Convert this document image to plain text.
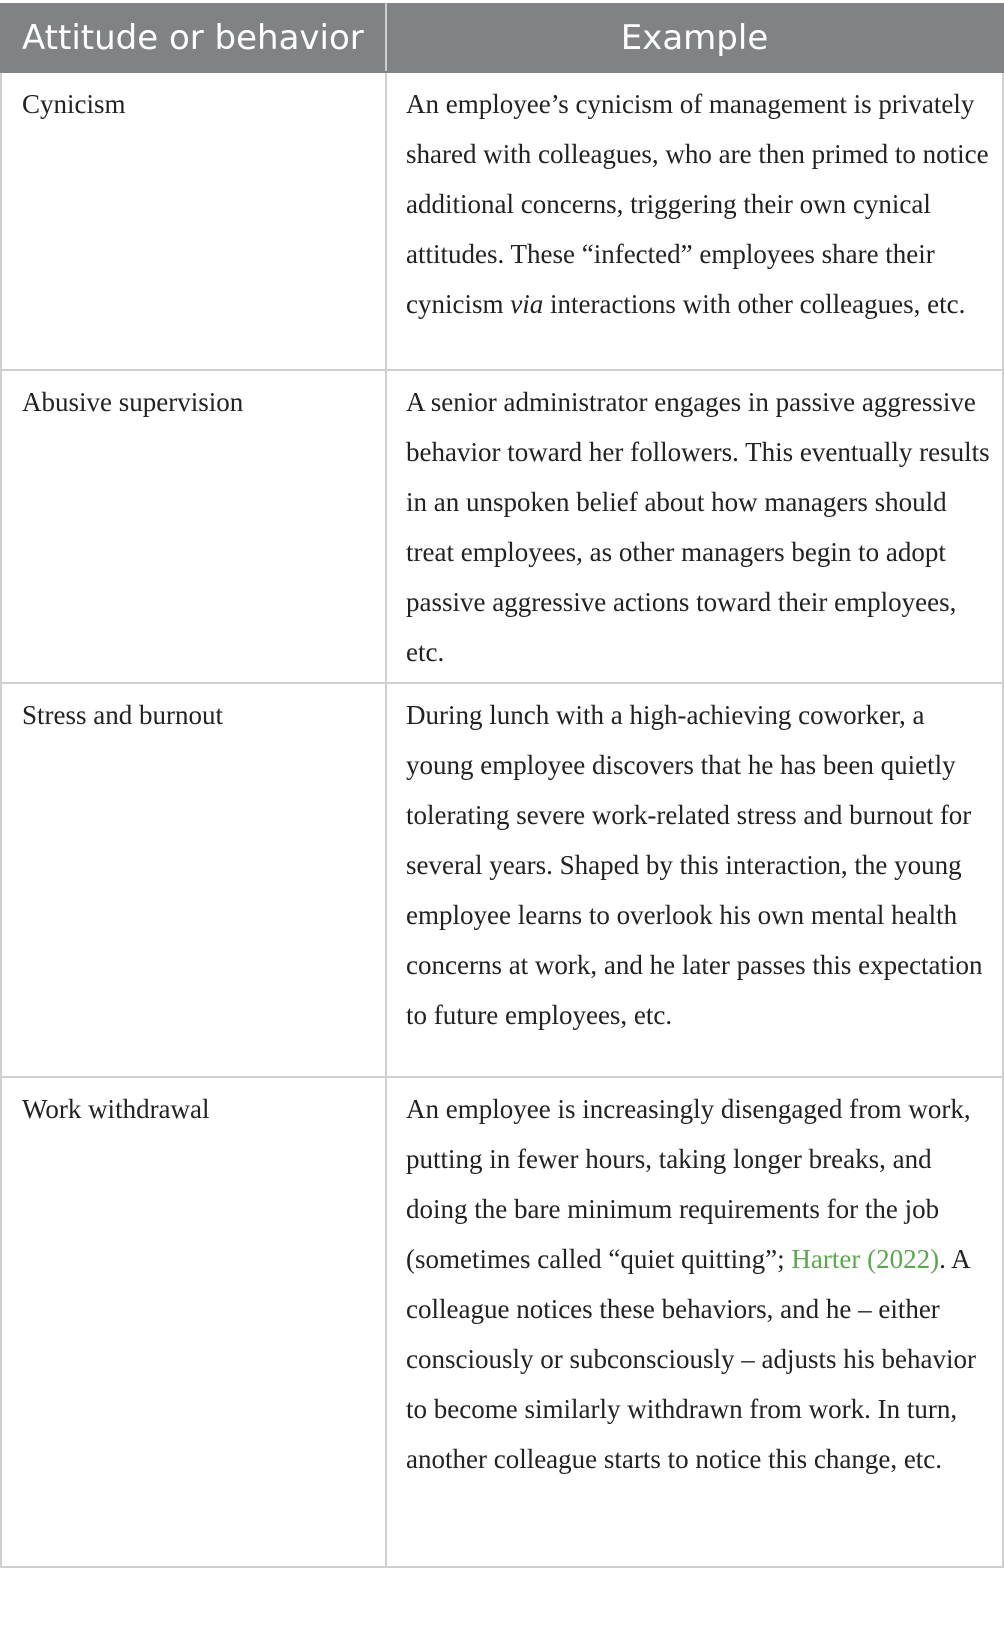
Attitude or behavior	Example
Cynicism	An employee’s cynicism of management is privately shared with colleagues, who are then primed to notice additional concerns, triggering their own cynical attitudes. These “infected” employees share their cynicism via interactions with other colleagues, etc.
Abusive supervision	A senior administrator engages in passive aggressive behavior toward her followers. This eventually results in an unspoken belief about how managers should treat employees, as other managers begin to adopt passive aggressive actions toward their employees, etc.
Stress and burnout	During lunch with a high-achieving coworker, a young employee discovers that he has been quietly tolerating severe work-related stress and burnout for several years. Shaped by this interaction, the young employee learns to overlook his own mental health concerns at work, and he later passes this expectation to future employees, etc.
Work withdrawal	An employee is increasingly disengaged from work, putting in fewer hours, taking longer breaks, and doing the bare minimum requirements for the job (sometimes called “quiet quitting”; Harter (2022). A colleague notices these behaviors, and he – either consciously or subconsciously – adjusts his behavior to become similarly withdrawn from work. In turn, another colleague starts to notice this change, etc.
